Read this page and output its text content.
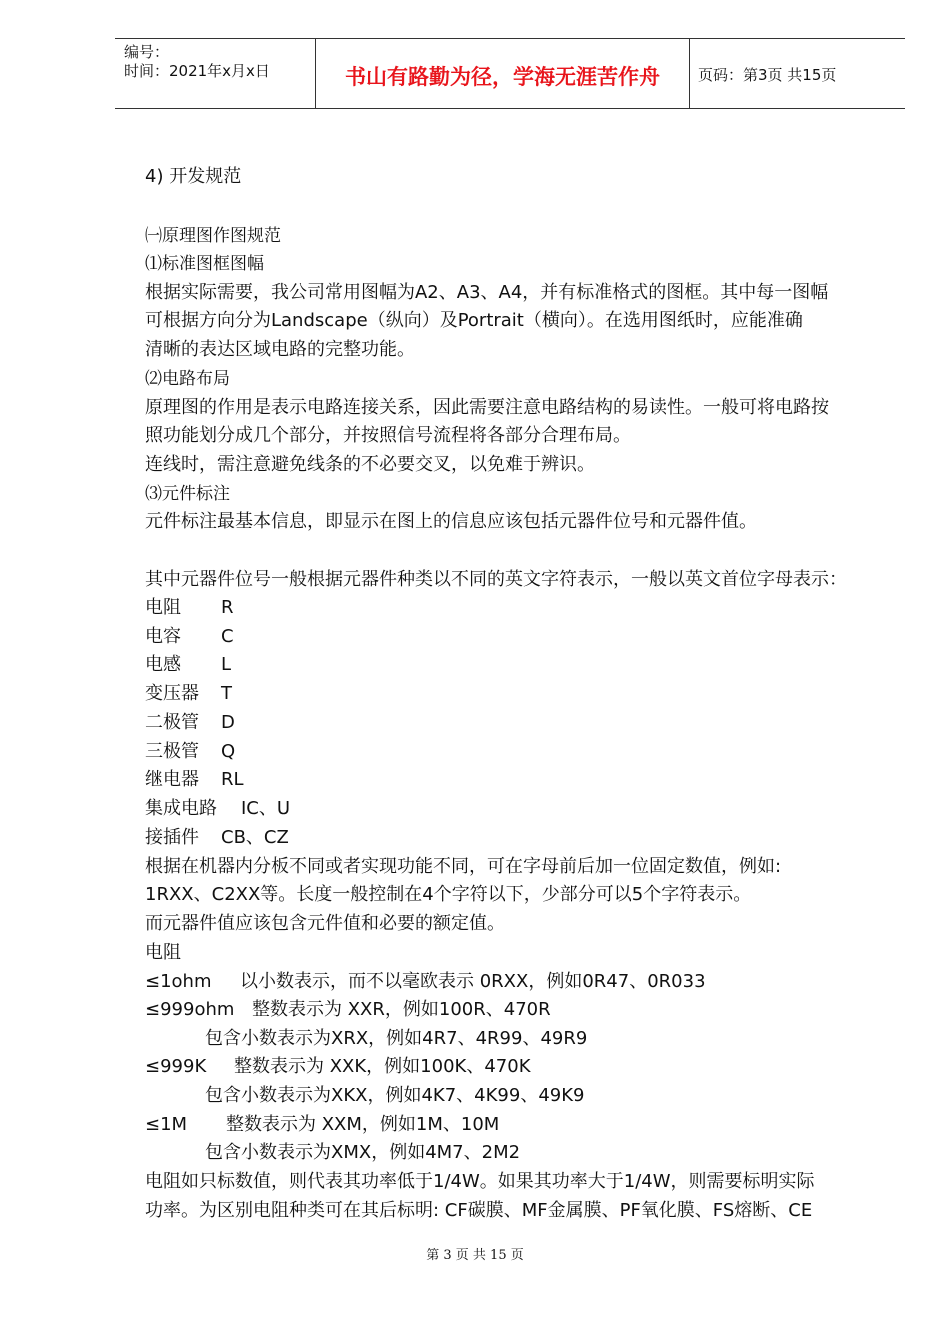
编号：
时间：2021年x月x日	书山有路勤为径，学海无涯苦作舟	页码：第3页 共15页
4) 开发规范
㈠原理图作图规范
⑴标准图框图幅
根据实际需要，我公司常用图幅为A2、A3、A4，并有标准格式的图框。其中每一图幅
可根据方向分为Landscape（纵向）及Portrait（横向）。在选用图纸时，应能准确
清晰的表达区域电路的完整功能。
⑵电路布局
原理图的作用是表示电路连接关系，因此需要注意电路结构的易读性。一般可将电路按
照功能划分成几个部分，并按照信号流程将各部分合理布局。
连线时，需注意避免线条的不必要交叉，以免难于辨识。
⑶元件标注
元件标注最基本信息，即显示在图上的信息应该包括元器件位号和元器件值。
其中元器件位号一般根据元器件种类以不同的英文字符表示，一般以英文首位字母表示：
电阻 R
电容 C
电感 L
变压器 T
二极管 D
三极管 Q
继电器 RL
集成电路 IC、U
接插件 CB、CZ
根据在机器内分板不同或者实现功能不同，可在字母前后加一位固定数值，例如:
1RXX、C2XX等。长度一般控制在4个字符以下，少部分可以5个字符表示。
而元器件值应该包含元件值和必要的额定值。
电阻
≤1ohm 以小数表示，而不以毫欧表示 0RXX，例如0R47、0R033
≤999ohm 整数表示为 XXR，例如100R、470R
包含小数表示为XRX，例如4R7、4R99、49R9
≤999K 整数表示为 XXK，例如100K、470K
包含小数表示为XKX，例如4K7、4K99、49K9
≤1M 整数表示为 XXM，例如1M、10M
包含小数表示为XMX，例如4M7、2M2
电阻如只标数值，则代表其功率低于1/4W。如果其功率大于1/4W，则需要标明实际
功率。为区别电阻种类可在其后标明: CF碳膜、MF金属膜、PF氧化膜、FS熔断、CE
第 3 页 共 15 页
